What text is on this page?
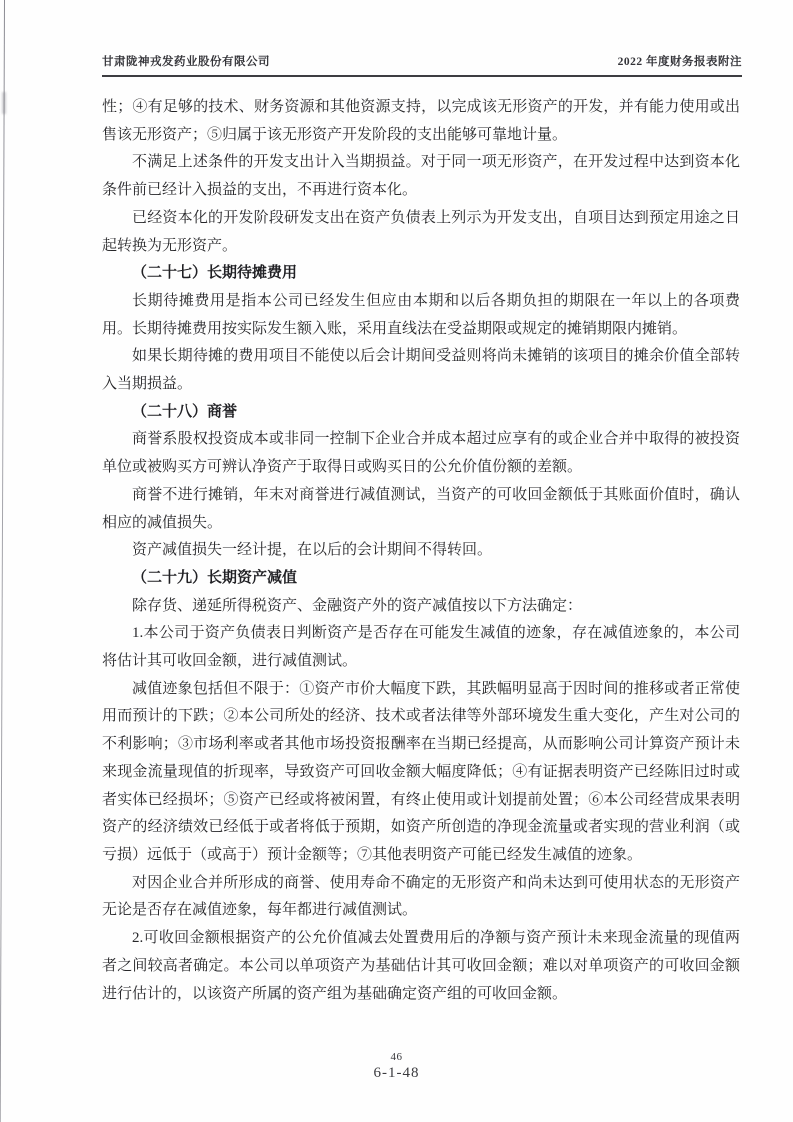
甘肃陇神戎发药业股份有限公司	2022 年度财务报表附注

性；④有足够的技术、财务资源和其他资源支持，以完成该无形资产的开发，并有能力使用或出售该无形资产；⑤归属于该无形资产开发阶段的支出能够可靠地计量。

不满足上述条件的开发支出计入当期损益。对于同一项无形资产，在开发过程中达到资本化条件前已经计入损益的支出，不再进行资本化。

已经资本化的开发阶段研发支出在资产负债表上列示为开发支出，自项目达到预定用途之日起转换为无形资产。

（二十七）长期待摊费用

长期待摊费用是指本公司已经发生但应由本期和以后各期负担的期限在一年以上的各项费用。长期待摊费用按实际发生额入账，采用直线法在受益期限或规定的摊销期限内摊销。

如果长期待摊的费用项目不能使以后会计期间受益则将尚未摊销的该项目的摊余价值全部转入当期损益。

（二十八）商誉

商誉系股权投资成本或非同一控制下企业合并成本超过应享有的或企业合并中取得的被投资单位或被购买方可辨认净资产于取得日或购买日的公允价值份额的差额。

商誉不进行摊销，年末对商誉进行减值测试，当资产的可收回金额低于其账面价值时，确认相应的减值损失。

资产减值损失一经计提，在以后的会计期间不得转回。

（二十九）长期资产减值

除存货、递延所得税资产、金融资产外的资产减值按以下方法确定：

1.本公司于资产负债表日判断资产是否存在可能发生减值的迹象，存在减值迹象的，本公司将估计其可收回金额，进行减值测试。

减值迹象包括但不限于：①资产市价大幅度下跌，其跌幅明显高于因时间的推移或者正常使用而预计的下跌；②本公司所处的经济、技术或者法律等外部环境发生重大变化，产生对公司的不利影响；③市场利率或者其他市场投资报酬率在当期已经提高，从而影响公司计算资产预计未来现金流量现值的折现率，导致资产可回收金额大幅度降低；④有证据表明资产已经陈旧过时或者实体已经损坏；⑤资产已经或将被闲置，有终止使用或计划提前处置；⑥本公司经营成果表明资产的经济绩效已经低于或者将低于预期，如资产所创造的净现金流量或者实现的营业利润（或亏损）远低于（或高于）预计金额等；⑦其他表明资产可能已经发生减值的迹象。

对因企业合并所形成的商誉、使用寿命不确定的无形资产和尚未达到可使用状态的无形资产无论是否存在减值迹象，每年都进行减值测试。

2.可收回金额根据资产的公允价值减去处置费用后的净额与资产预计未来现金流量的现值两者之间较高者确定。本公司以单项资产为基础估计其可收回金额；难以对单项资产的可收回金额进行估计的，以该资产所属的资产组为基础确定资产组的可收回金额。

46
6-1-48
